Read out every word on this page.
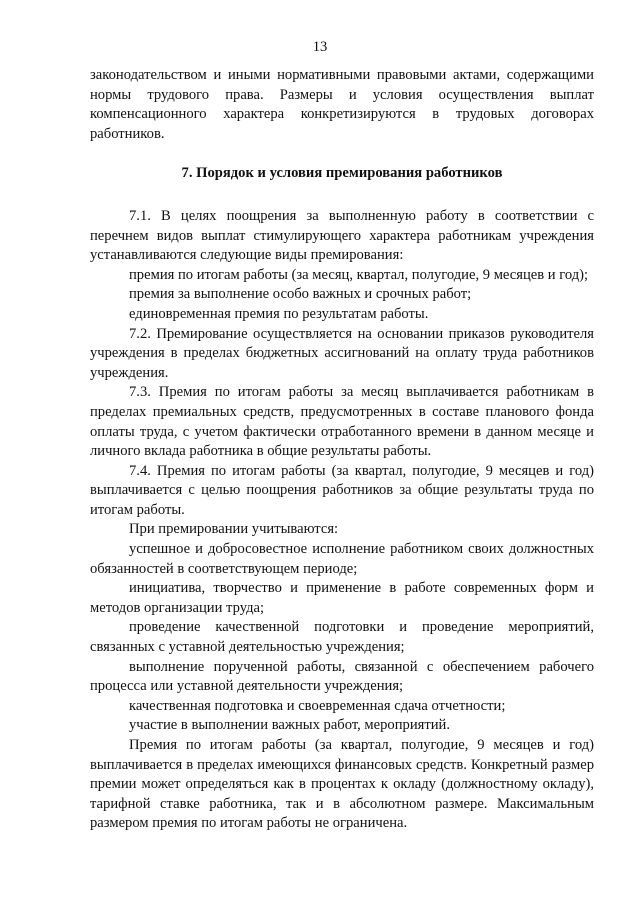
13

законодательством и иными нормативными правовыми актами, содержащими нормы трудового права. Размеры и условия осуществления выплат компенсационного характера конкретизируются в трудовых договорах работников.

7. Порядок и условия премирования работников

7.1. В целях поощрения за выполненную работу в соответствии с перечнем видов выплат стимулирующего характера работникам учреждения устанавливаются следующие виды премирования:

премия по итогам работы (за месяц, квартал, полугодие, 9 месяцев и год);

премия за выполнение особо важных и срочных работ;

единовременная премия по результатам работы.

7.2. Премирование осуществляется на основании приказов руководителя учреждения в пределах бюджетных ассигнований на оплату труда работников учреждения.

7.3. Премия по итогам работы за месяц выплачивается работникам в пределах премиальных средств, предусмотренных в составе планового фонда оплаты труда, с учетом фактически отработанного времени в данном месяце и личного вклада работника в общие результаты работы.

7.4. Премия по итогам работы (за квартал, полугодие, 9 месяцев и год) выплачивается с целью поощрения работников за общие результаты труда по итогам работы.

При премировании учитываются:

успешное и добросовестное исполнение работником своих должностных обязанностей в соответствующем периоде;

инициатива, творчество и применение в работе современных форм и методов организации труда;

проведение качественной подготовки и проведение мероприятий, связанных с уставной деятельностью учреждения;

выполнение порученной работы, связанной с обеспечением рабочего процесса или уставной деятельности учреждения;

качественная подготовка и своевременная сдача отчетности;

участие в выполнении важных работ, мероприятий.

Премия по итогам работы (за квартал, полугодие, 9 месяцев и год) выплачивается в пределах имеющихся финансовых средств. Конкретный размер премии может определяться как в процентах к окладу (должностному окладу), тарифной ставке работника, так и в абсолютном размере. Максимальным размером премия по итогам работы не ограничена.
